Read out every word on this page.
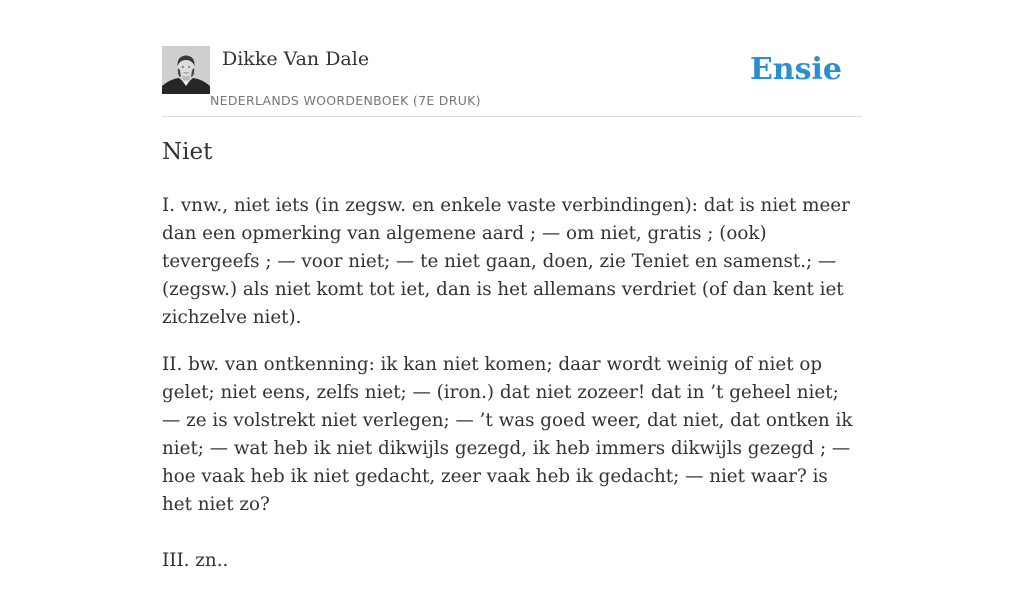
Dikke Van Dale
NEDERLANDS WOORDENBOEK (7E DRUK)
Ensie
Niet

I. vnw., niet iets (in zegsw. en enkele vaste verbindingen): dat is niet meer dan een opmerking van algemene aard ; — om niet, gratis ; (ook) tevergeefs ; — voor niet; — te niet gaan, doen, zie Teniet en samenst.; — (zegsw.) als niet komt tot iet, dan is het allemans verdriet (of dan kent iet zichzelve niet).

II. bw. van ontkenning: ik kan niet komen; daar wordt weinig of niet op gelet; niet eens, zelfs niet; — (iron.) dat niet zozeer! dat in ’t geheel niet; — ze is volstrekt niet verlegen; — ’t was goed weer, dat niet, dat ontken ik niet; — wat heb ik niet dikwijls gezegd, ik heb immers dikwijls gezegd ; — hoe vaak heb ik niet gedacht, zeer vaak heb ik gedacht; — niet waar? is het niet zo?

III. zn..
